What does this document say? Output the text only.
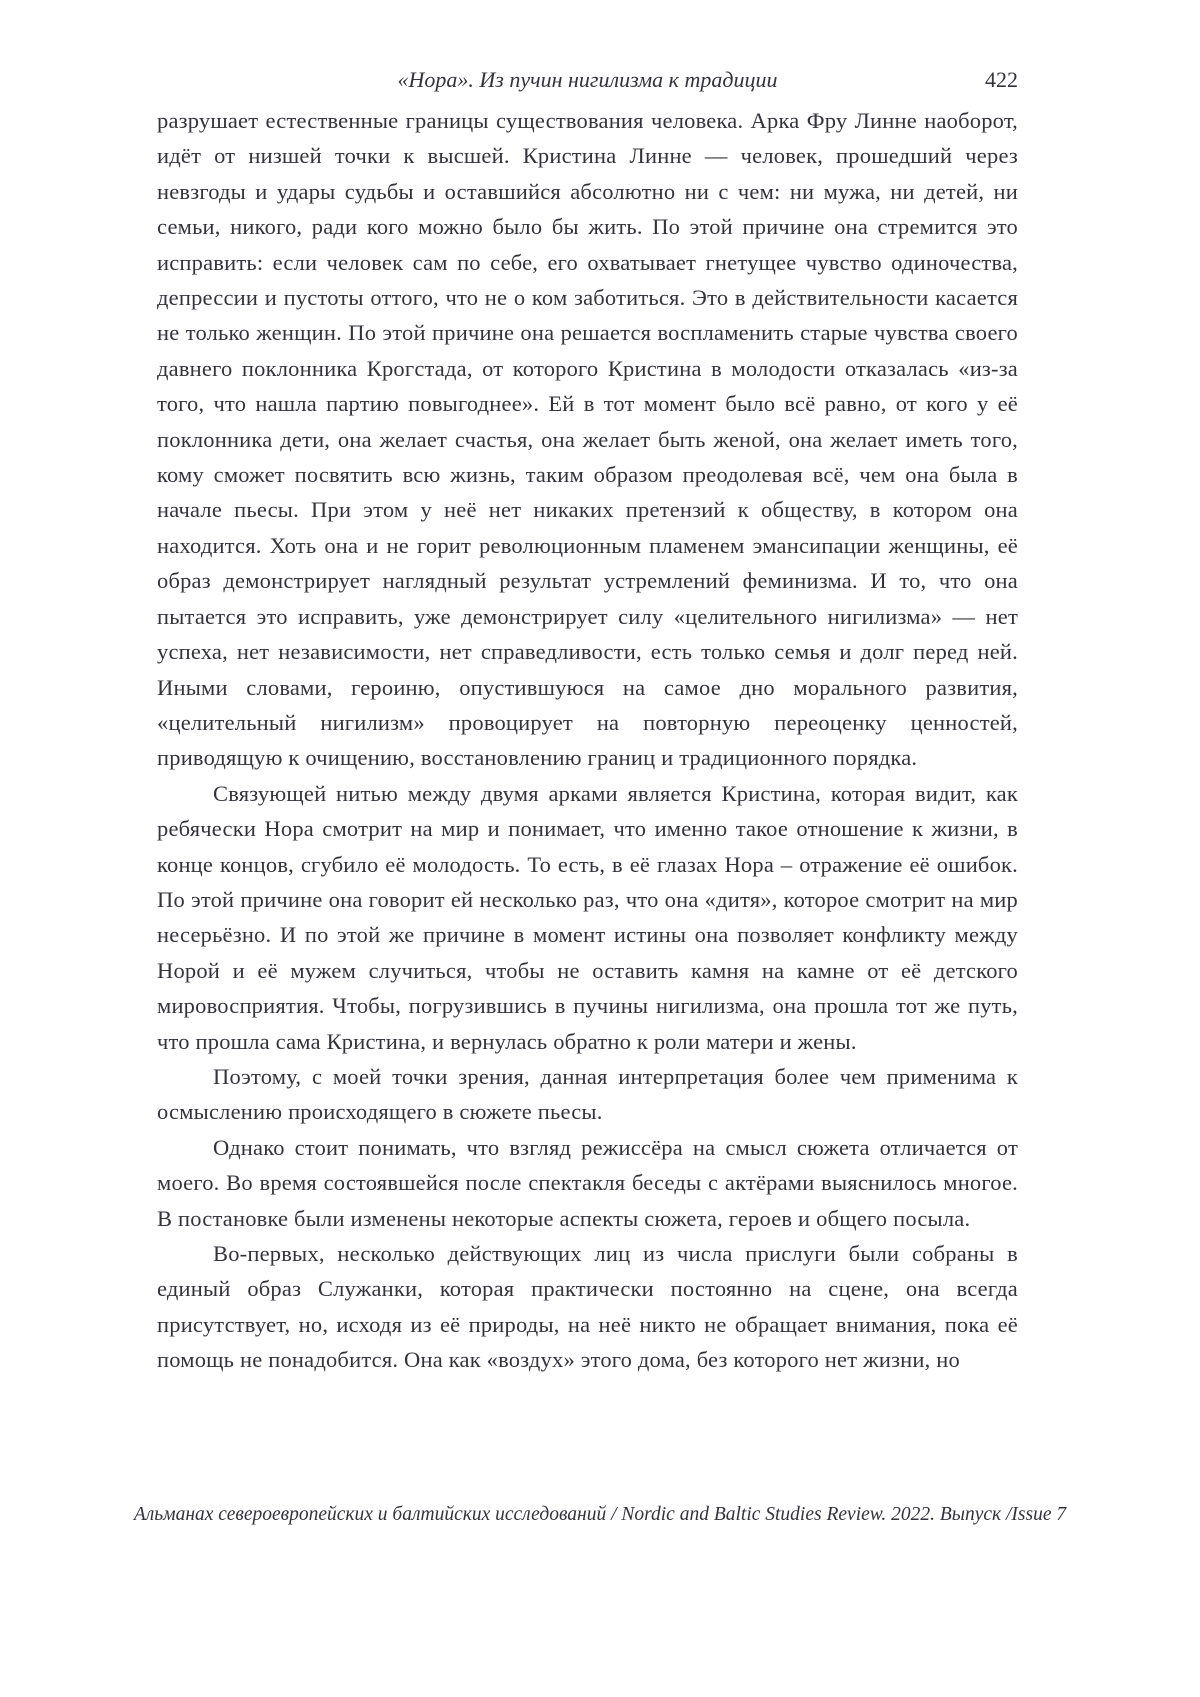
«Нора». Из пучин нигилизма к традиции	422

разрушает естественные границы существования человека. Арка Фру Линне наоборот, идёт от низшей точки к высшей. Кристина Линне — человек, прошедший через невзгоды и удары судьбы и оставшийся абсолютно ни с чем: ни мужа, ни детей, ни семьи, никого, ради кого можно было бы жить. По этой причине она стремится это исправить: если человек сам по себе, его охватывает гнетущее чувство одиночества, депрессии и пустоты оттого, что не о ком заботиться. Это в действительности касается не только женщин. По этой причине она решается воспламенить старые чувства своего давнего поклонника Крогстада, от которого Кристина в молодости отказалась «из-за того, что нашла партию повыгоднее». Ей в тот момент было всё равно, от кого у её поклонника дети, она желает счастья, она желает быть женой, она желает иметь того, кому сможет посвятить всю жизнь, таким образом преодолевая всё, чем она была в начале пьесы. При этом у неё нет никаких претензий к обществу, в котором она находится. Хоть она и не горит революционным пламенем эмансипации женщины, её образ демонстрирует наглядный результат устремлений феминизма. И то, что она пытается это исправить, уже демонстрирует силу «целительного нигилизма» — нет успеха, нет независимости, нет справедливости, есть только семья и долг перед ней. Иными словами, героиню, опустившуюся на самое дно морального развития, «целительный нигилизм» провоцирует на повторную переоценку ценностей, приводящую к очищению, восстановлению границ и традиционного порядка.

Связующей нитью между двумя арками является Кристина, которая видит, как ребячески Нора смотрит на мир и понимает, что именно такое отношение к жизни, в конце концов, сгубило её молодость. То есть, в её глазах Нора – отражение её ошибок. По этой причине она говорит ей несколько раз, что она «дитя», которое смотрит на мир несерьёзно. И по этой же причине в момент истины она позволяет конфликту между Норой и её мужем случиться, чтобы не оставить камня на камне от её детского мировосприятия. Чтобы, погрузившись в пучины нигилизма, она прошла тот же путь, что прошла сама Кристина, и вернулась обратно к роли матери и жены.

Поэтому, с моей точки зрения, данная интерпретация более чем применима к осмыслению происходящего в сюжете пьесы.

Однако стоит понимать, что взгляд режиссёра на смысл сюжета отличается от моего. Во время состоявшейся после спектакля беседы с актёрами выяснилось многое. В постановке были изменены некоторые аспекты сюжета, героев и общего посыла.

Во-первых, несколько действующих лиц из числа прислуги были собраны в единый образ Служанки, которая практически постоянно на сцене, она всегда присутствует, но, исходя из её природы, на неё никто не обращает внимания, пока её помощь не понадобится. Она как «воздух» этого дома, без которого нет жизни, но

Альманах североевропейских и балтийских исследований / Nordic and Baltic Studies Review. 2022. Выпуск /Issue 7
